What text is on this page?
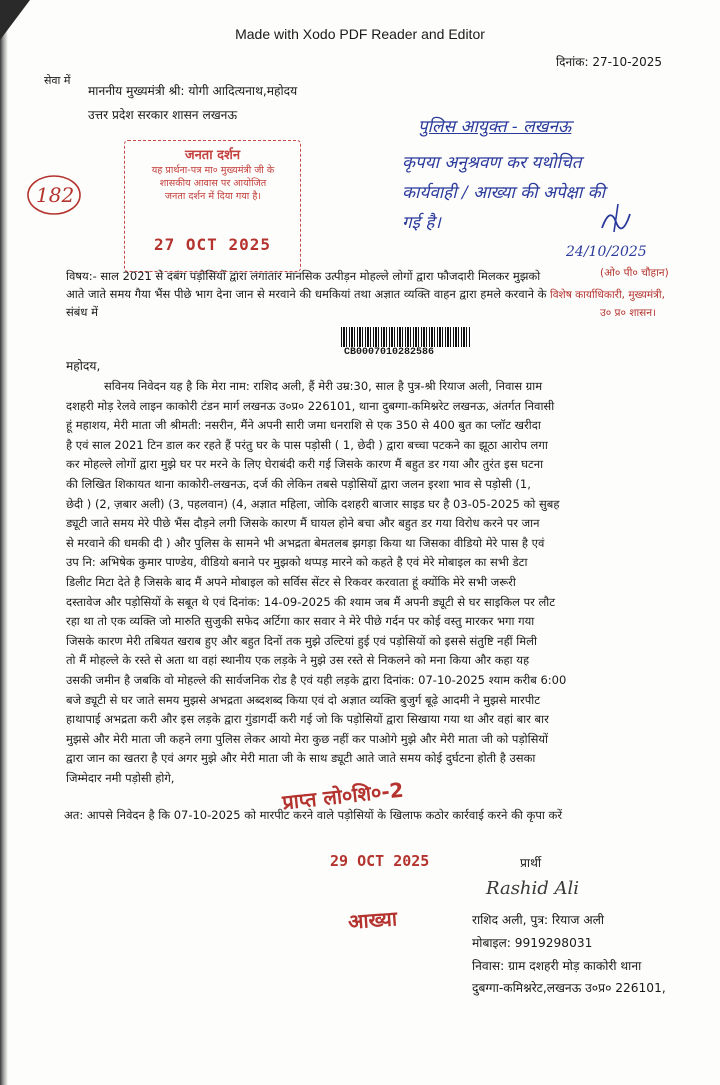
Made with Xodo PDF Reader and Editor
दिनांक: 27-10-2025
सेवा में
माननीय मुख्यमंत्री श्री: योगी आदित्यनाथ,महोदय
उत्तर प्रदेश सरकार शासन लखनऊ
जनता दर्शन
यह प्रार्थना-पत्र मा० मुख्यमंत्री जी के
शासकीय आवास पर आयोजित
जनता दर्शन में दिया गया है।
27 OCT 2025
182
पुलिस आयुक्त - लखनऊ
कृपया अनुश्रवण कर यथोचित
कार्यवाही / आख्या की अपेक्षा की
गई है।
24/10/2025
(ओ० पी० चौहान)
विशेष कार्याधिकारी, मुख्यमंत्री,
उ० प्र० शासन।
विषय:- साल 2021 से दबंग पड़ोसियों द्वारा लगातार मानसिक उत्पीड़न मोहल्ले लोगों द्वारा फौजदारी मिलकर मुझको
आते जाते समय गैया भैंस पीछे भाग देना जान से मरवाने की धमकियां तथा अज्ञात व्यक्ति वाहन द्वारा हमले करवाने के
संबंध में
CB0007010282586
महोदय,
सविनय निवेदन यह है कि मेरा नाम: राशिद अली, हैं मेरी उम्र:30, साल है पुत्र-श्री रियाज अली, निवास ग्राम
दशहरी मोड़ रेलवे लाइन काकोरी टंडन मार्ग लखनऊ उ०प्र० 226101, थाना दुबग्गा-कमिश्नरेट लखनऊ, अंतर्गत निवासी
हूं महाशय, मेरी माता जी श्रीमती: नसरीन, मैंने अपनी सारी जमा धनराशि से एक 350 से 400 बुत का प्लॉट खरीदा
है एवं साल 2021 टिन डाल कर रहते हैं परंतु घर के पास पड़ोसी ( 1, छेदी ) द्वारा बच्चा पटकने का झूठा आरोप लगा
कर मोहल्ले लोगों द्वारा मुझे घर पर मरने के लिए घेराबंदी करी गई जिसके कारण मैं बहुत डर गया और तुरंत इस घटना
की लिखित शिकायत थाना काकोरी-लखनऊ, दर्ज की लेकिन तबसे पड़ोसियों द्वारा जलन इरशा भाव से पड़ोसी (1,
छेदी ) (2, ज़बार अली) (3, पहलवान) (4, अज्ञात महिला, जोकि दशहरी बाजार साइड घर है 03-05-2025 को सुबह
ड्यूटी जाते समय मेरे पीछे भैंस दौड़ने लगी जिसके कारण मैं घायल होने बचा और बहुत डर गया विरोध करने पर जान
से मरवाने की धमकी दी ) और पुलिस के सामने भी अभद्रता बेमतलब झगड़ा किया था जिसका वीडियो मेरे पास है एवं
उप नि: अभिषेक कुमार पाण्डेय, वीडियो बनाने पर मुझको थप्पड़ मारने को कहते है एवं मेरे मोबाइल का सभी डेटा
डिलीट मिटा देते है जिसके बाद मैं अपने मोबाइल को सर्विस सेंटर से रिकवर करवाता हूं क्योंकि मेरे सभी जरूरी
दस्तावेज और पड़ोसियों के सबूत थे एवं दिनांक: 14-09-2025 की श्याम जब मैं अपनी ड्यूटी से घर साइकिल पर लौट
रहा था तो एक व्यक्ति जो मारुति सुजुकी सफेद अर्टिगा कार सवार ने मेरे पीछे गर्दन पर कोई वस्तु मारकर भगा गया
जिसके कारण मेरी तबियत खराब हुए और बहुत दिनों तक मुझे उल्टियां हुई एवं पड़ोसियों को इससे संतुष्टि नहीं मिली
तो मैं मोहल्ले के रस्ते से अता था वहां स्थानीय एक लड़के ने मुझे उस रस्ते से निकलने को मना किया और कहा यह
उसकी जमीन है जबकि वो मोहल्ले की सार्वजनिक रोड है एवं यही लड़के द्वारा दिनांक: 07-10-2025 श्याम करीब 6:00
बजे ड्यूटी से घर जाते समय मुझसे अभद्रता अब्दशब्द किया एवं दो अज्ञात व्यक्ति बुजुर्ग बूढ़े आदमी ने मुझसे मारपीट
हाथापाई अभद्रता करी और इस लड़के द्वारा गुंडागर्दी करी गई जो कि पड़ोसियों द्वारा सिखाया गया था और वहां बार बार
मुझसे और मेरी माता जी कहने लगा पुलिस लेकर आयो मेरा कुछ नहीं कर पाओगे मुझे और मेरी माता जी को पड़ोसियों
द्वारा जान का खतरा है एवं अगर मुझे और मेरी माता जी के साथ ड्यूटी आते जाते समय कोई दुर्घटना होती है उसका
जिम्मेदार नमी पड़ोसी होगे,
अत: आपसे निवेदन है कि 07-10-2025 को मारपीट करने वाले पड़ोसियों के खिलाफ कठोर कार्रवाई करने की कृपा करें
प्राप्त लो०शि०-2
29 OCT 2025
आख्या
प्रार्थी
Rashid Ali
राशिद अली, पुत्र: रियाज अली
मोबाइल: 9919298031
निवास: ग्राम दशहरी मोड़ काकोरी थाना
दुबग्गा-कमिश्नरेट,लखनऊ उ०प्र० 226101,
